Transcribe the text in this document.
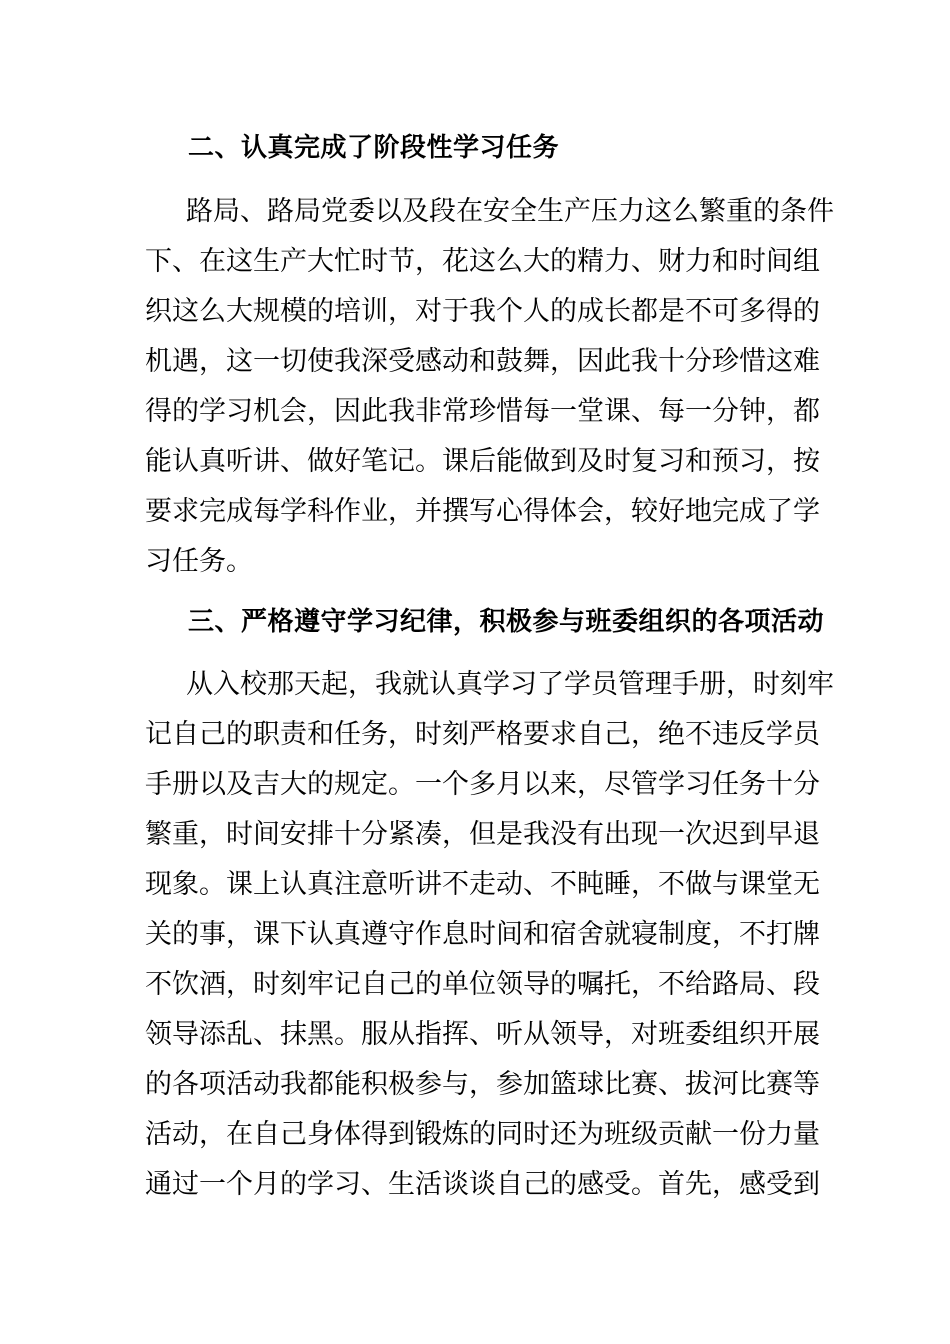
二、认真完成了阶段性学习任务
路局、路局党委以及段在安全生产压力这么繁重的条件
下、在这生产大忙时节，花这么大的精力、财力和时间组
织这么大规模的培训，对于我个人的成长都是不可多得的
机遇，这一切使我深受感动和鼓舞，因此我十分珍惜这难
得的学习机会，因此我非常珍惜每一堂课、每一分钟，都
能认真听讲、做好笔记。课后能做到及时复习和预习，按
要求完成每学科作业，并撰写心得体会，较好地完成了学
习任务。
三、严格遵守学习纪律，积极参与班委组织的各项活动
从入校那天起，我就认真学习了学员管理手册，时刻牢
记自己的职责和任务，时刻严格要求自己，绝不违反学员
手册以及吉大的规定。一个多月以来，尽管学习任务十分
繁重，时间安排十分紧凑，但是我没有出现一次迟到早退
现象。课上认真注意听讲不走动、不盹睡，不做与课堂无
关的事，课下认真遵守作息时间和宿舍就寝制度，不打牌
不饮酒，时刻牢记自己的单位领导的嘱托，不给路局、段
领导添乱、抹黑。服从指挥、听从领导，对班委组织开展
的各项活动我都能积极参与，参加篮球比赛、拔河比赛等
活动，在自己身体得到锻炼的同时还为班级贡献一份力量
通过一个月的学习、生活谈谈自己的感受。首先，感受到
